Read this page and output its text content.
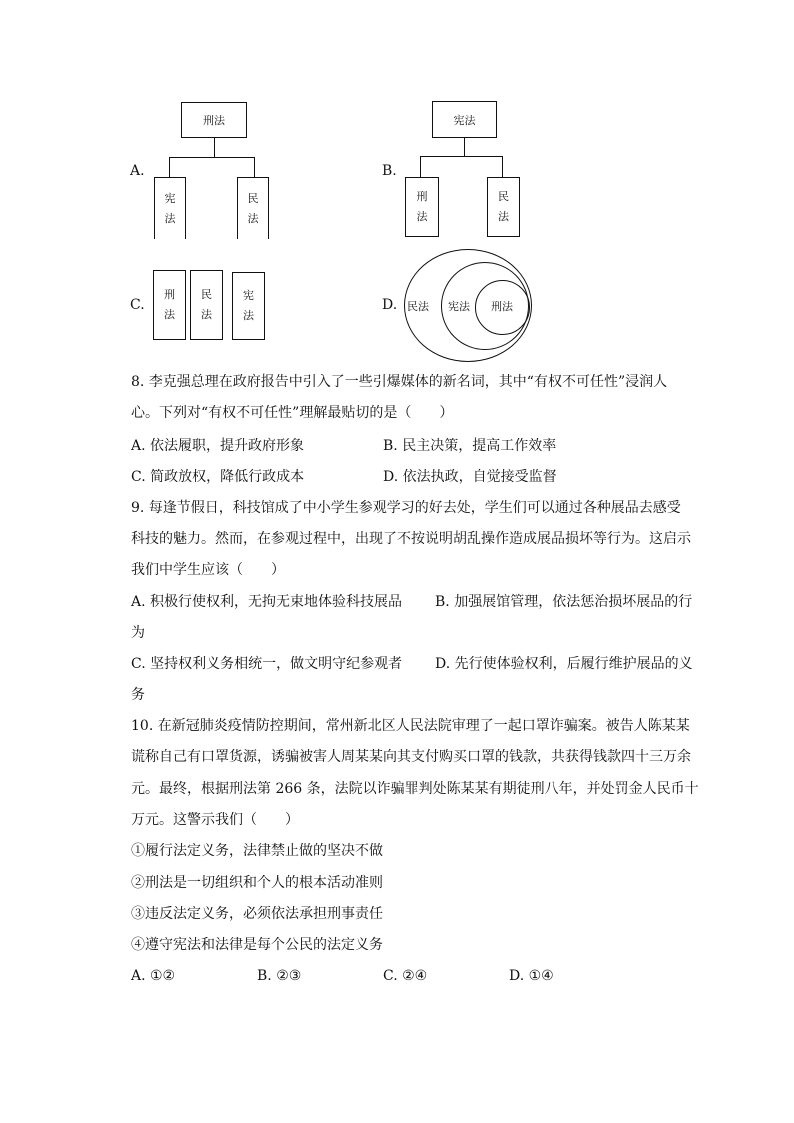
A.
刑法
宪
法
民
法
B.
宪法
刑
法
民
法
C.
刑
法
民
法
宪
法
D. 民法 宪法 刑法
8. 李克强总理在政府报告中引入了一些引爆媒体的新名词，其中“有权不可任性”浸润人
心。下列对“有权不可任性”理解最贴切的是（　　）
A. 依法履职，提升政府形象	B. 民主决策，提高工作效率
C. 简政放权，降低行政成本	D. 依法执政，自觉接受监督
9. 每逢节假日，科技馆成了中小学生参观学习的好去处，学生们可以通过各种展品去感受
科技的魅力。然而，在参观过程中，出现了不按说明胡乱操作造成展品损坏等行为。这启示
我们中学生应该（　　）
A. 积极行使权利，无拘无束地体验科技展品 B. 加强展馆管理，依法惩治损坏展品的行
为
C. 坚持权利义务相统一，做文明守纪参观者 D. 先行使体验权利，后履行维护展品的义
务
10. 在新冠肺炎疫情防控期间，常州新北区人民法院审理了一起口罩诈骗案。被告人陈某某
谎称自己有口罩货源，诱骗被害人周某某向其支付购买口罩的钱款，共获得钱款四十三万余
元。最终，根据刑法第 266 条，法院以诈骗罪判处陈某某有期徒刑八年，并处罚金人民币十
万元。这警示我们（　　）
①履行法定义务，法律禁止做的坚决不做
②刑法是一切组织和个人的根本活动准则
③违反法定义务，必须依法承担刑事责任
④遵守宪法和法律是每个公民的法定义务
A. ①②	B. ②③	C. ②④	D. ①④
